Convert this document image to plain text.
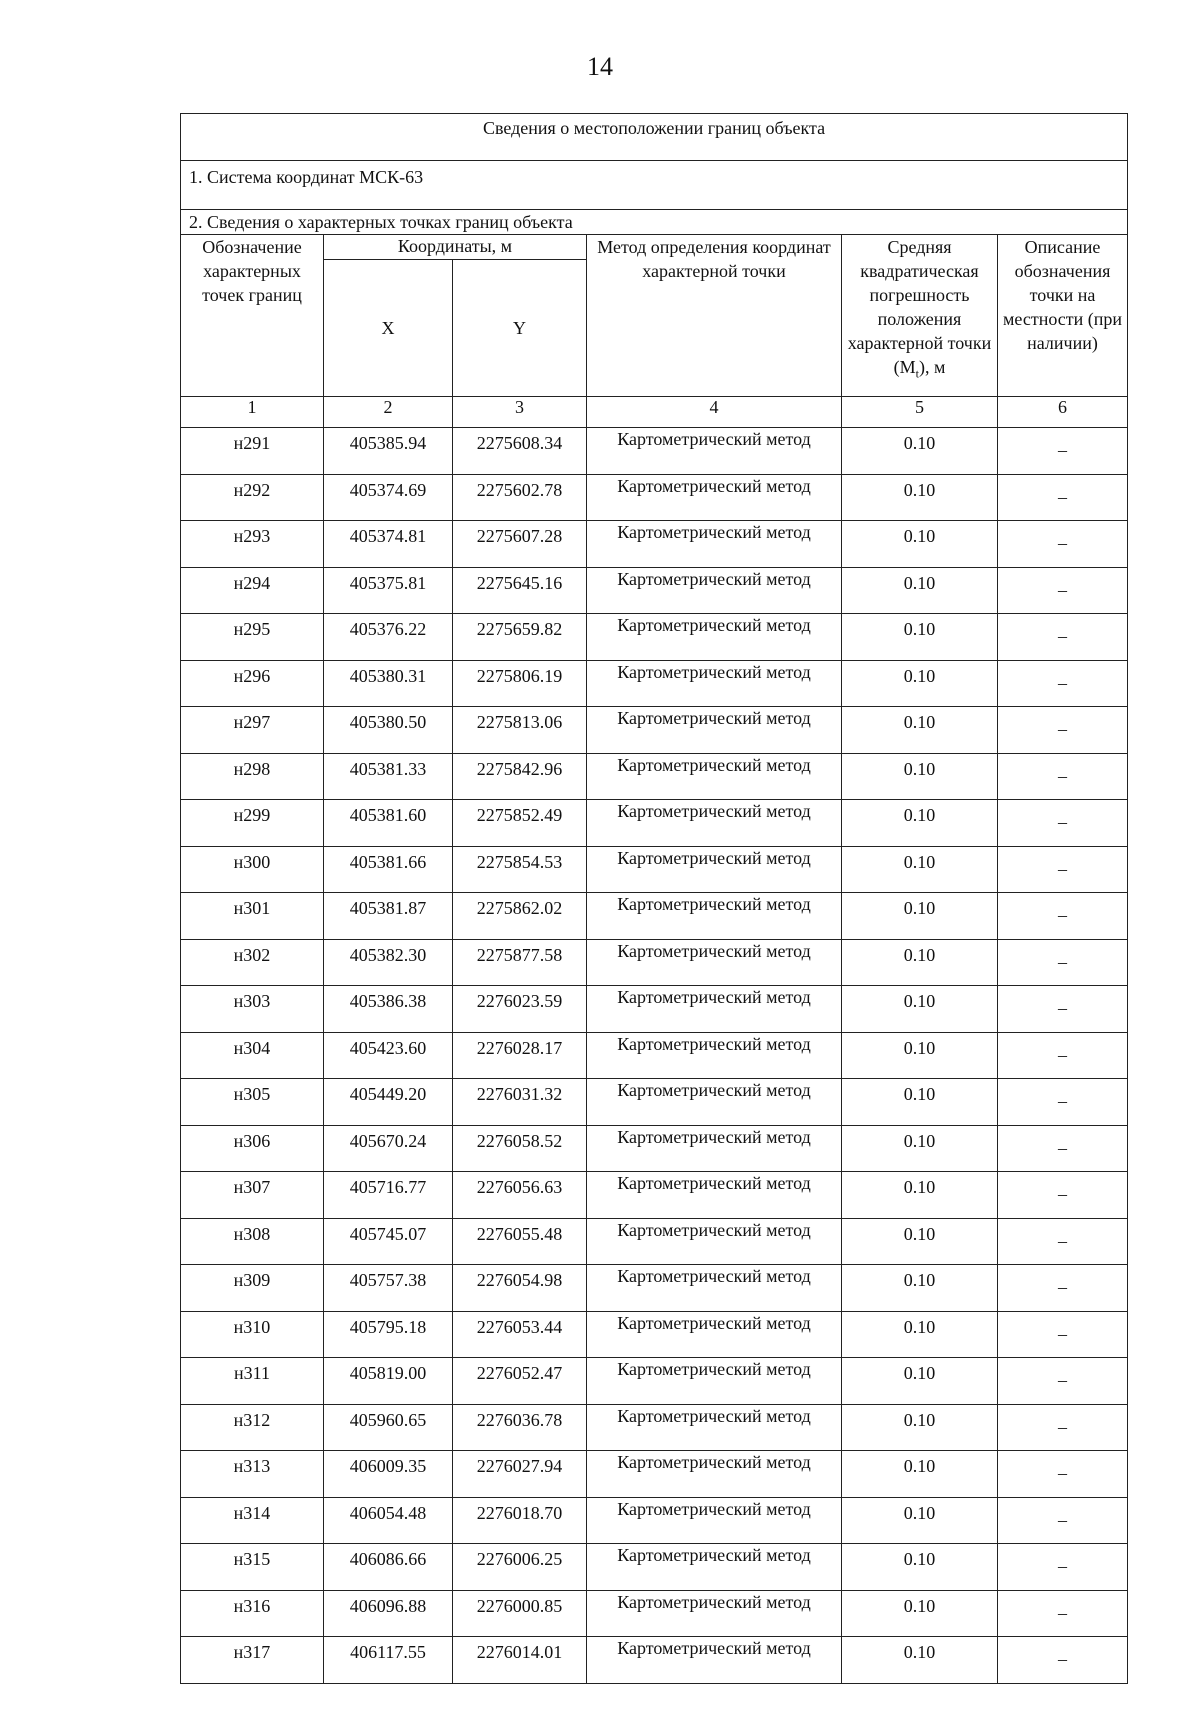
14
Сведения о местоположении границ объекта					
1. Система координат МСК-63					
2. Сведения о характерных точках границ объекта					
Обозначение характерных точек границ	Координаты, м		Метод определения координат характерной точки	Средняя квадратическая погрешность положения характерной точки $(M_t)$, м	Описание обозначения точки на местности (при наличии)
	X	Y			
1	2	3	4	5	6
н291	405385.94	2275608.34	Картометрический метод	0.10	–
н292	405374.69	2275602.78	Картометрический метод	0.10	–
н293	405374.81	2275607.28	Картометрический метод	0.10	–
н294	405375.81	2275645.16	Картометрический метод	0.10	–
н295	405376.22	2275659.82	Картометрический метод	0.10	–
н296	405380.31	2275806.19	Картометрический метод	0.10	–
н297	405380.50	2275813.06	Картометрический метод	0.10	–
н298	405381.33	2275842.96	Картометрический метод	0.10	–
н299	405381.60	2275852.49	Картометрический метод	0.10	–
н300	405381.66	2275854.53	Картометрический метод	0.10	–
н301	405381.87	2275862.02	Картометрический метод	0.10	–
н302	405382.30	2275877.58	Картометрический метод	0.10	–
н303	405386.38	2276023.59	Картометрический метод	0.10	–
н304	405423.60	2276028.17	Картометрический метод	0.10	–
н305	405449.20	2276031.32	Картометрический метод	0.10	–
н306	405670.24	2276058.52	Картометрический метод	0.10	–
н307	405716.77	2276056.63	Картометрический метод	0.10	–
н308	405745.07	2276055.48	Картометрический метод	0.10	–
н309	405757.38	2276054.98	Картометрический метод	0.10	–
н310	405795.18	2276053.44	Картометрический метод	0.10	–
н311	405819.00	2276052.47	Картометрический метод	0.10	–
н312	405960.65	2276036.78	Картометрический метод	0.10	–
н313	406009.35	2276027.94	Картометрический метод	0.10	–
н314	406054.48	2276018.70	Картометрический метод	0.10	–
н315	406086.66	2276006.25	Картометрический метод	0.10	–
н316	406096.88	2276000.85	Картометрический метод	0.10	–
н317	406117.55	2276014.01	Картометрический метод	0.10	–
